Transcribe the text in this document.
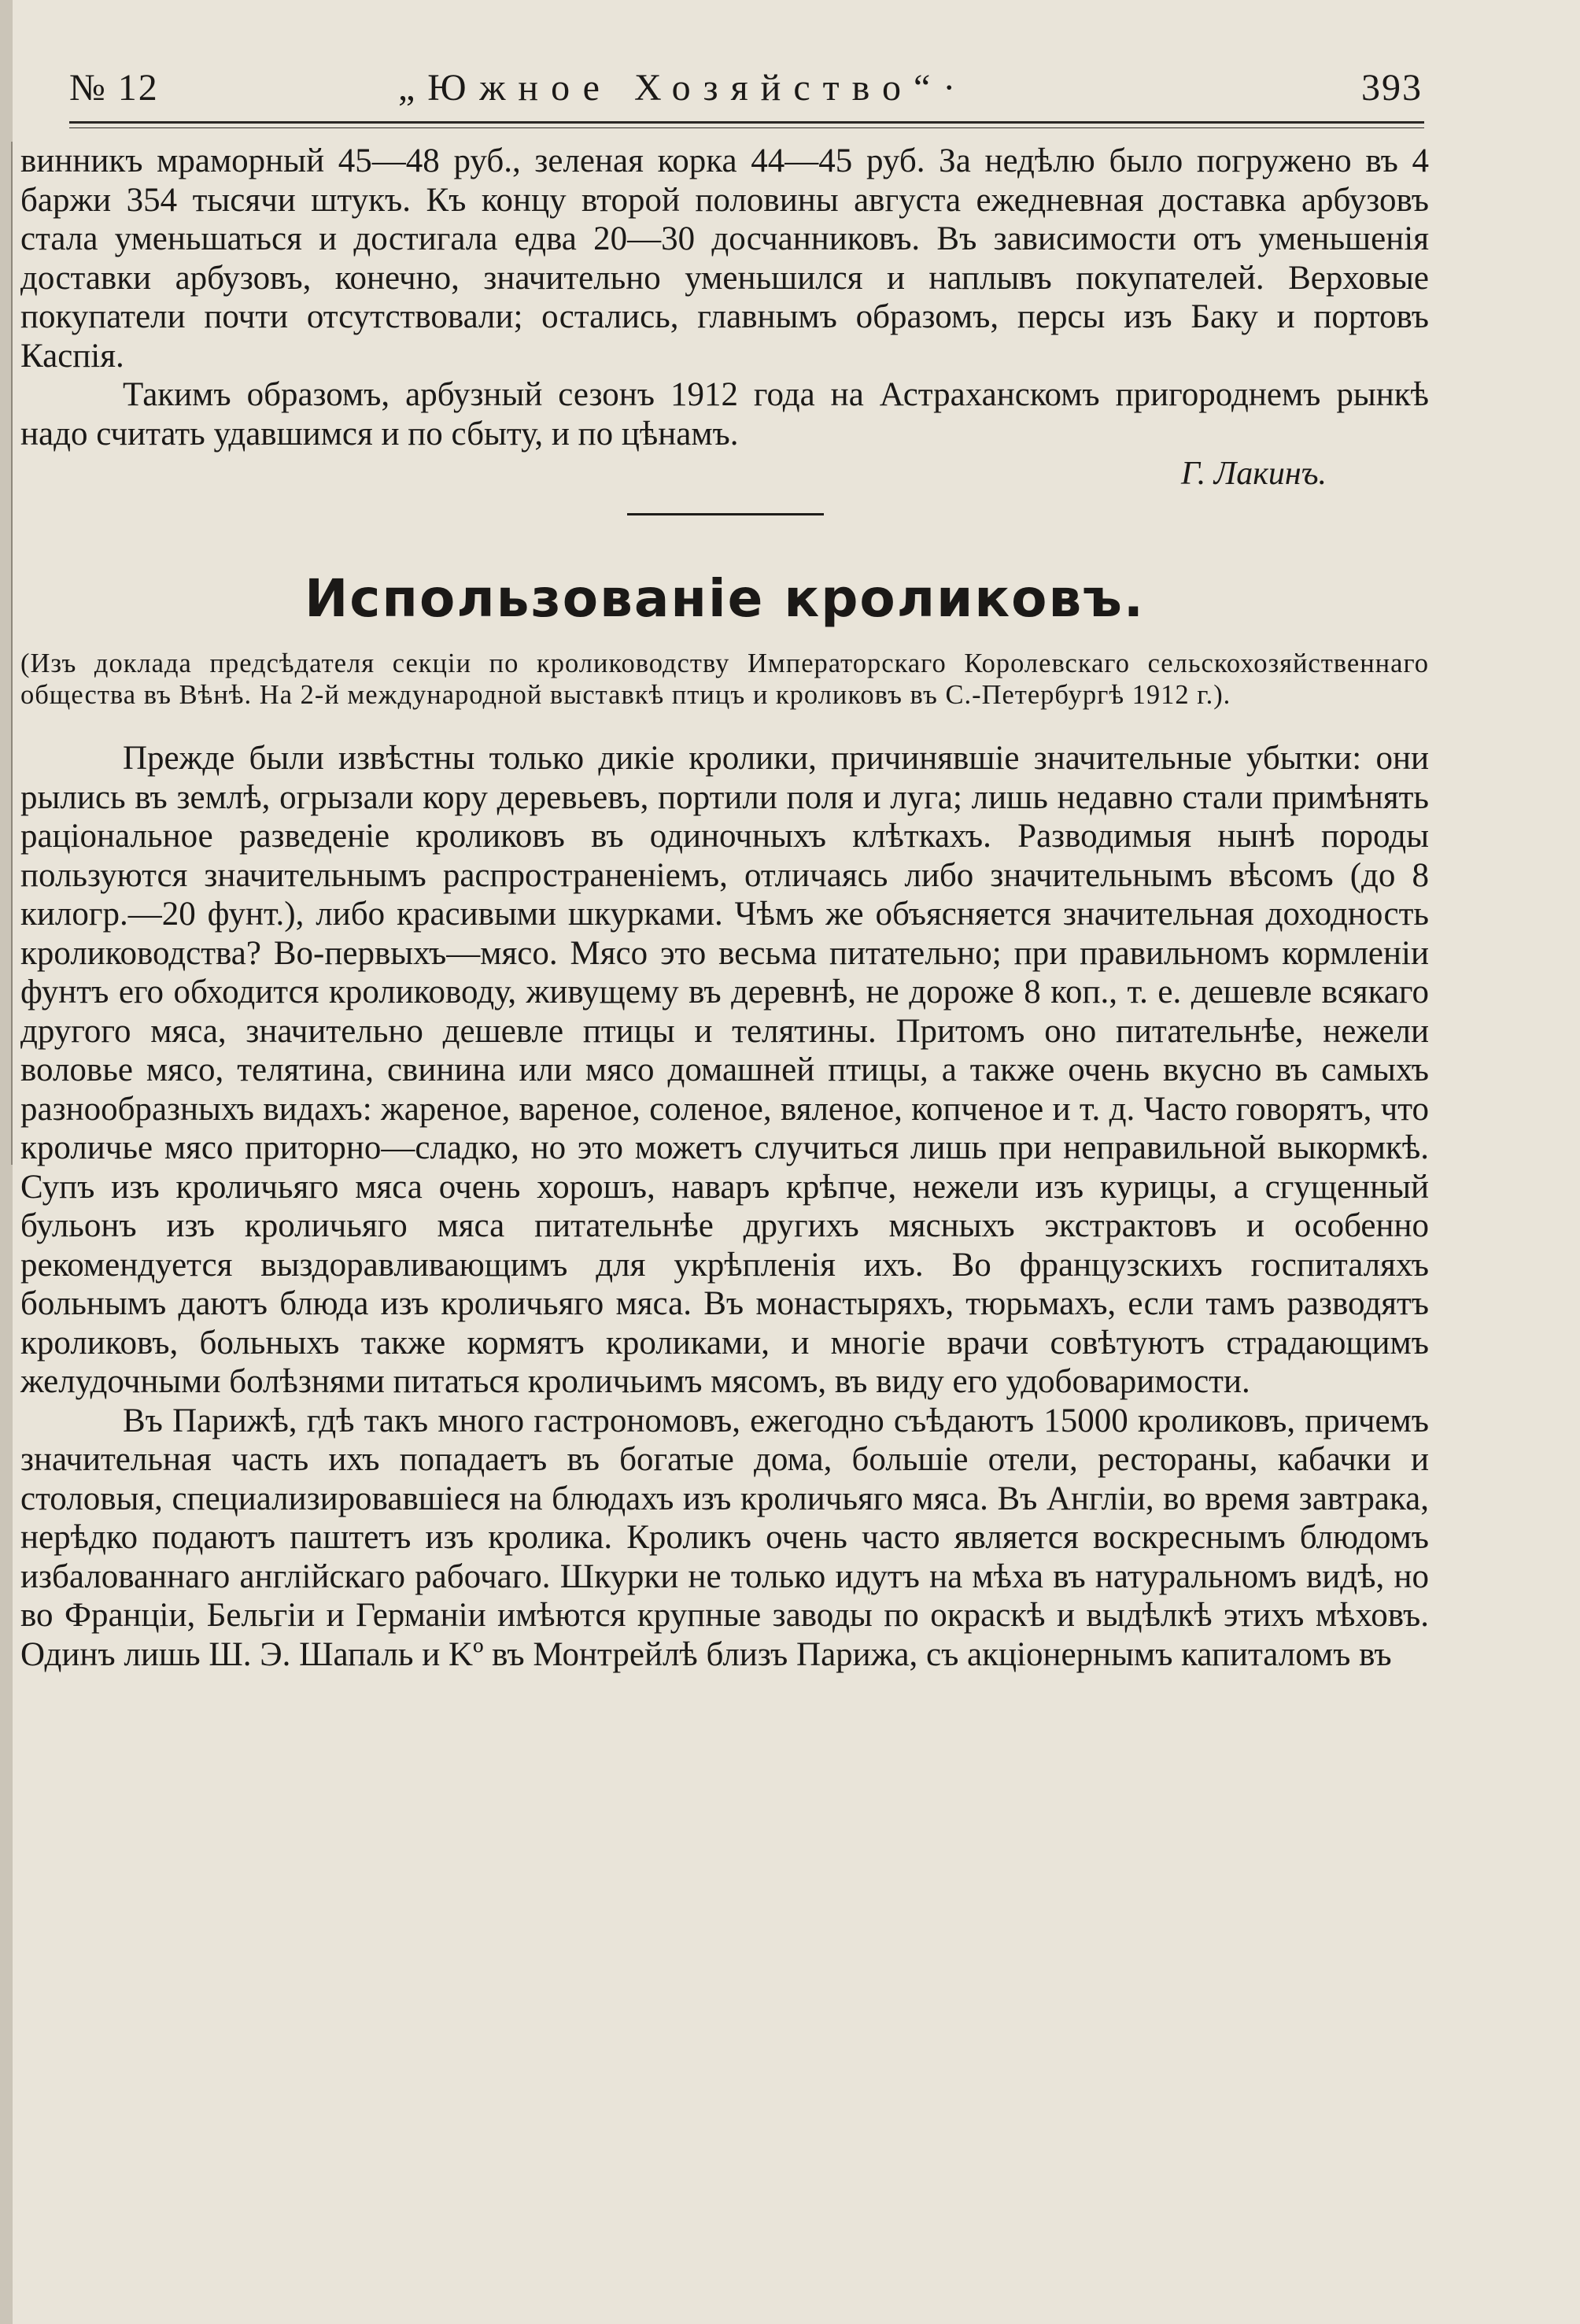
№ 12	„Южное Хозяйство“·	393

винникъ мраморный 45—48 руб., зеленая корка 44—45 руб. За недѣлю было погружено въ 4 баржи 354 тысячи штукъ. Къ концу второй половины августа ежедневная доставка арбузовъ стала уменьшаться и достигала едва 20—30 досчанниковъ. Въ зависимости отъ уменьшенія доставки арбузовъ, конечно, значительно уменьшился и наплывъ покупателей. Верховые покупатели почти отсутствовали; остались, главнымъ образомъ, персы изъ Баку и портовъ Каспія.

Такимъ образомъ, арбузный сезонъ 1912 года на Астраханскомъ пригороднемъ рынкѣ надо считать удавшимся и по сбыту, и по цѣнамъ.

Г. Лакинъ.
Использованіе кроликовъ.

(Изъ доклада предсѣдателя секціи по кролиководству Императорскаго Королевскаго сельскохозяйственнаго общества въ Вѣнѣ. На 2-й международной выставкѣ птицъ и кроликовъ въ С.-Петербургѣ 1912 г.).

Прежде были извѣстны только дикіе кролики, причинявшіе значительные убытки: они рылись въ землѣ, огрызали кору деревьевъ, портили поля и луга; лишь недавно стали примѣнять раціональное разведеніе кроликовъ въ одиночныхъ клѣткахъ. Разводимыя нынѣ породы пользуются значительнымъ распространеніемъ, отличаясь либо значительнымъ вѣсомъ (до 8 килогр.—20 фунт.), либо красивыми шкурками. Чѣмъ же объясняется значительная доходность кролиководства? Во-первыхъ—мясо. Мясо это весьма питательно; при правильномъ кормленіи фунтъ его обходится кролиководу, живущему въ деревнѣ, не дороже 8 коп., т. е. дешевле всякаго другого мяса, значительно дешевле птицы и телятины. Притомъ оно питательнѣе, нежели воловье мясо, телятина, свинина или мясо домашней птицы, а также очень вкусно въ самыхъ разнообразныхъ видахъ: жареное, вареное, соленое, вяленое, копченое и т. д. Часто говорятъ, что кроличье мясо приторно—сладко, но это можетъ случиться лишь при неправильной выкормкѣ. Супъ изъ кроличьяго мяса очень хорошъ, наваръ крѣпче, нежели изъ курицы, а сгущенный бульонъ изъ кроличьяго мяса питательнѣе другихъ мясныхъ экстрактовъ и особенно рекомендуется выздоравливающимъ для укрѣпленія ихъ. Во французскихъ госпиталяхъ больнымъ даютъ блюда изъ кроличьяго мяса. Въ монастыряхъ, тюрьмахъ, если тамъ разводятъ кроликовъ, больныхъ также кормятъ кроликами, и многіе врачи совѣтуютъ страдающимъ желудочными болѣзнями питаться кроличьимъ мясомъ, въ виду его удобоваримости.

Въ Парижѣ, гдѣ такъ много гастрономовъ, ежегодно съѣдаютъ 15000 кроликовъ, причемъ значительная часть ихъ попадаетъ въ богатые дома, большіе отели, рестораны, кабачки и столовыя, специализировавшіеся на блюдахъ изъ кроличьяго мяса. Въ Англіи, во время завтрака, нерѣдко подаютъ паштетъ изъ кролика. Кроликъ очень часто является воскреснымъ блюдомъ избалованнаго англійскаго рабочаго. Шкурки не только идутъ на мѣха въ натуральномъ видѣ, но во Франціи, Бельгіи и Германіи имѣются крупные заводы по окраскѣ и выдѣлкѣ этихъ мѣховъ. Одинъ лишь Ш. Э. Шапаль и Kº въ Монтрейлѣ близъ Парижа, съ акціонернымъ капиталомъ въ
